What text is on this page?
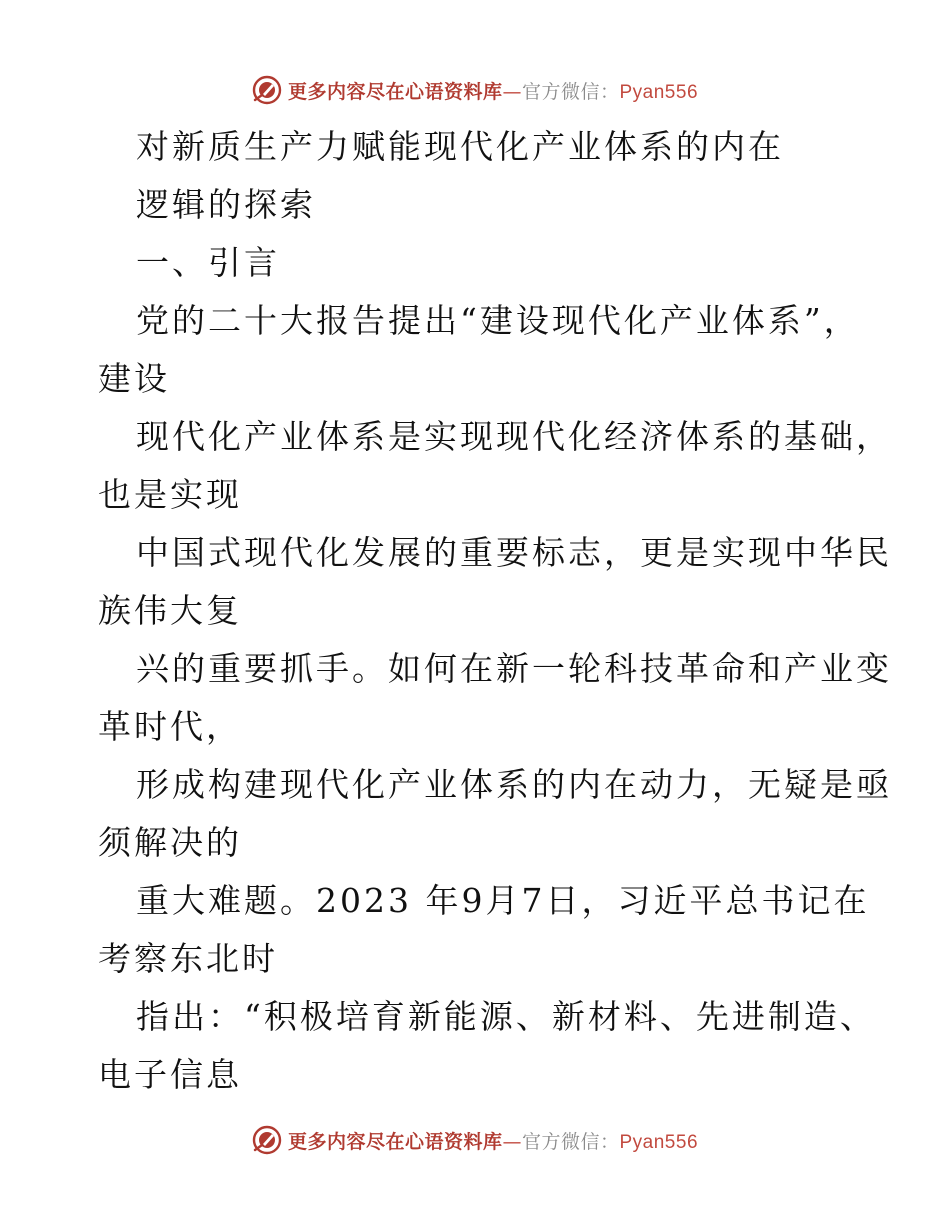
更多内容尽在心语资料库—官方微信：Pyan556
对新质生产力赋能现代化产业体系的内在
逻辑的探索
一、引言
党的二十大报告提出“建设现代化产业体系”，
建设
现代化产业体系是实现现代化经济体系的基础，
也是实现
中国式现代化发展的重要标志，更是实现中华民
族伟大复
兴的重要抓手。如何在新一轮科技革命和产业变
革时代，
形成构建现代化产业体系的内在动力，无疑是亟
须解决的
重大难题。2023 年9月7日，习近平总书记在
考察东北时
指出：“积极培育新能源、新材料、先进制造、
电子信息
更多内容尽在心语资料库—官方微信：Pyan556
